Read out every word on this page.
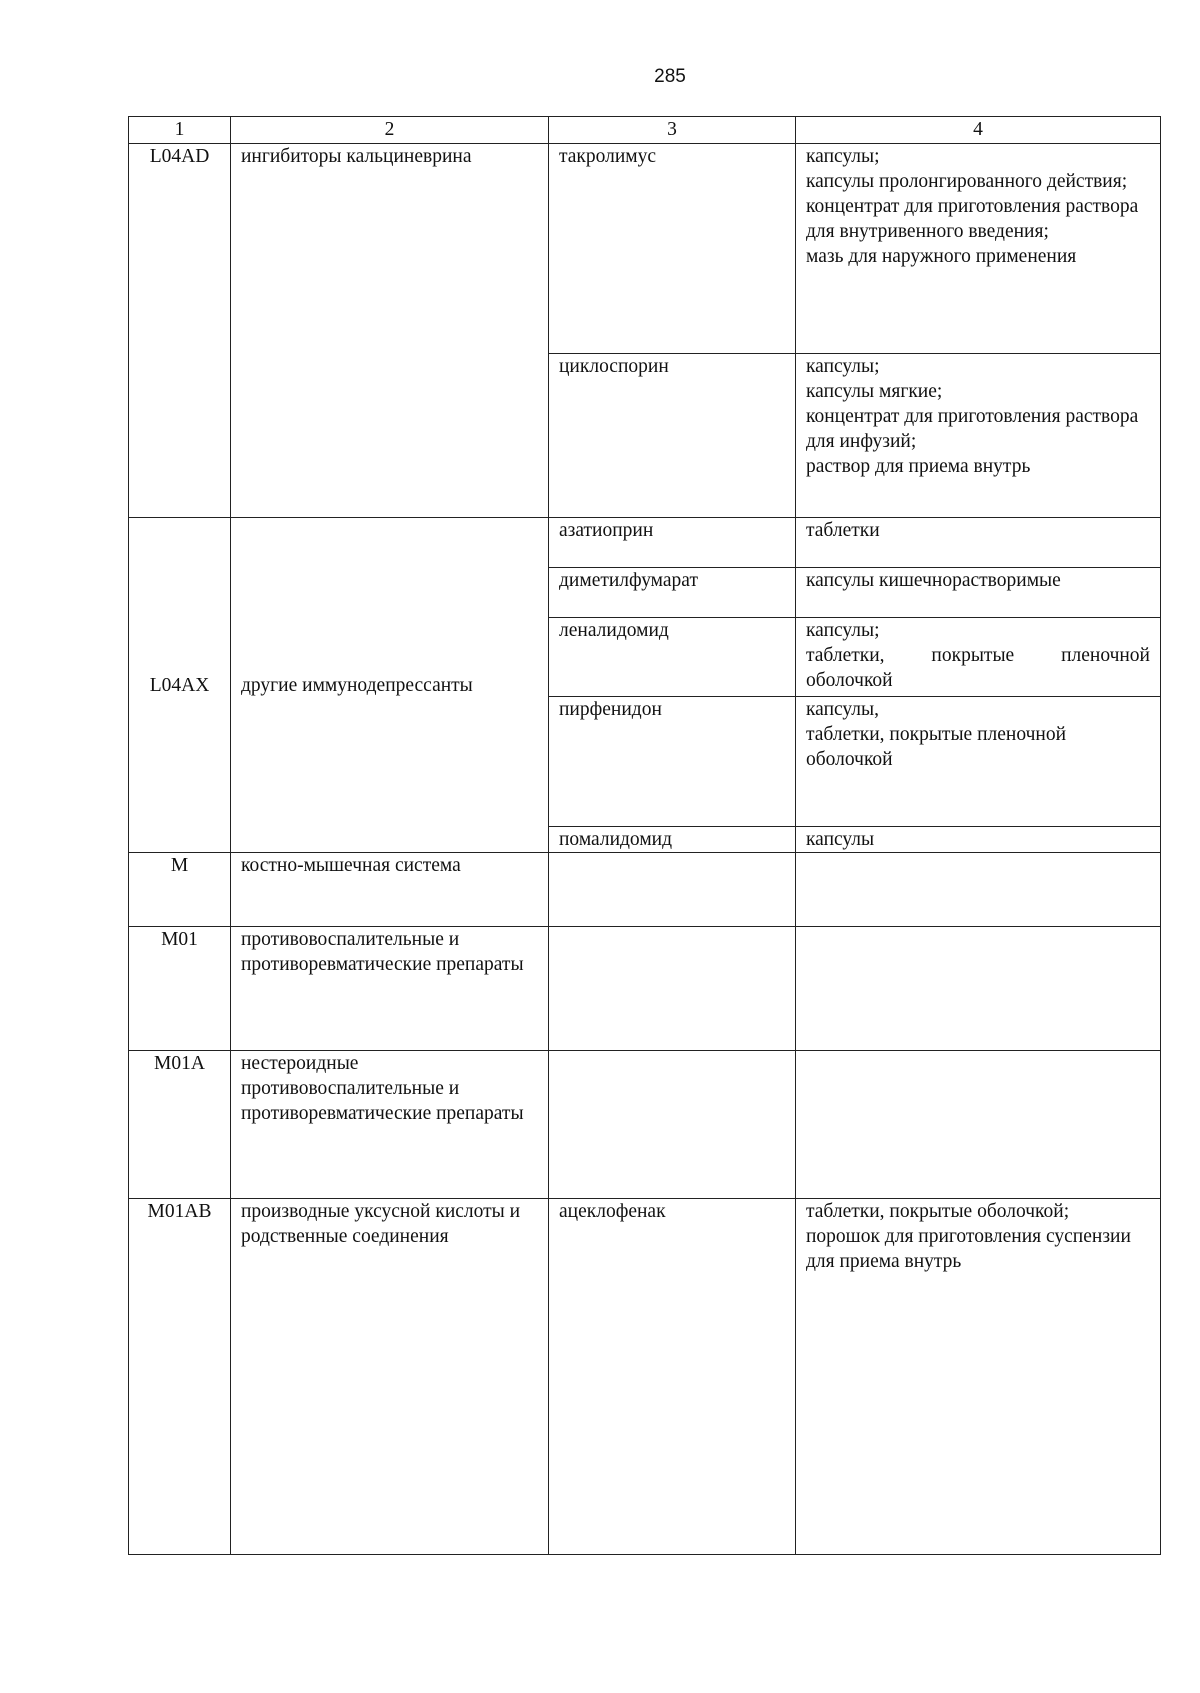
285
1	2	3	4
L04AD	ингибиторы кальциневрина	такролимус	капсулы;
капсулы пролонгированного действия;
концентрат для приготовления раствора для внутривенного введения;
мазь для наружного применения

		циклоспорин	капсулы;
капсулы мягкие;
концентрат для приготовления раствора для инфузий;
раствор для приема внутрь

L04AX	другие иммунодепрессанты	азатиоприн	таблетки
		диметилфумарат	капсулы кишечнорастворимые
		леналидомид	капсулы;
таблетки, покрытые пленочной оболочкой

		пирфенидон	капсулы,
таблетки, покрытые пленочной оболочкой

		помалидомид	капсулы
М	костно-мышечная система		
М01	противовоспалительные и противоревматические препараты		
М01А	нестероидные противовоспалительные и противоревматические препараты		
М01АВ	производные уксусной кислоты и родственные соединения	ацеклофенак	таблетки, покрытые оболочкой;
порошок для приготовления суспензии для приема внутрь
